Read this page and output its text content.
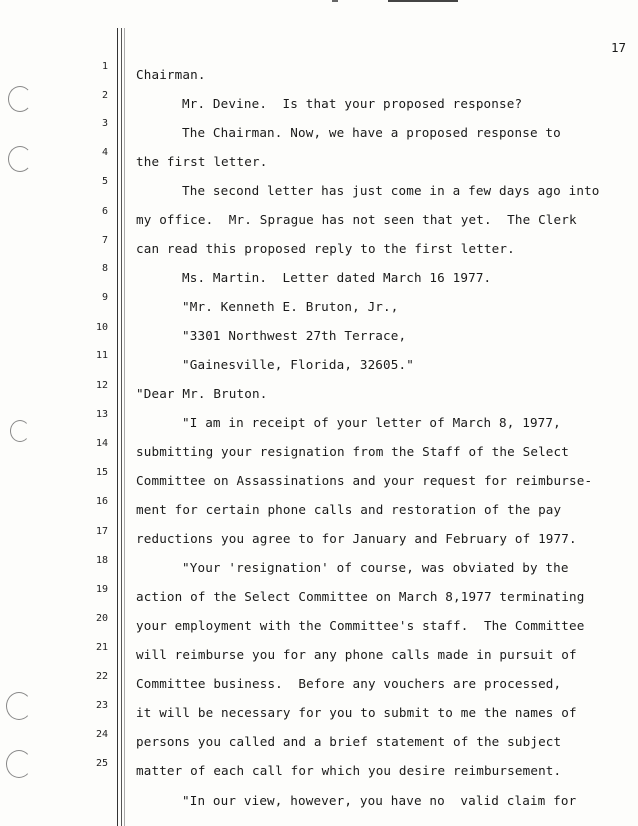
17
1
2
3
4
5
6
7
8
9
10
11
12
13
14
15
16
17
18
19
20
21
22
23
24
25
Chairman.
Mr. Devine.  Is that your proposed response?
The Chairman. Now, we have a proposed response to
the first letter.
The second letter has just come in a few days ago into
my office.  Mr. Sprague has not seen that yet.  The Clerk
can read this proposed reply to the first letter.
Ms. Martin.  Letter dated March 16 1977.
"Mr. Kenneth E. Bruton, Jr.,
"3301 Northwest 27th Terrace,
"Gainesville, Florida, 32605."
"Dear Mr. Bruton.
"I am in receipt of your letter of March 8, 1977,
submitting your resignation from the Staff of the Select
Committee on Assassinations and your request for reimburse-
ment for certain phone calls and restoration of the pay
reductions you agree to for January and February of 1977.
"Your 'resignation' of course, was obviated by the
action of the Select Committee on March 8,1977 terminating
your employment with the Committee's staff.  The Committee
will reimburse you for any phone calls made in pursuit of
Committee business.  Before any vouchers are processed,
it will be necessary for you to submit to me the names of
persons you called and a brief statement of the subject
matter of each call for which you desire reimbursement.
"In our view, however, you have no  valid claim for
